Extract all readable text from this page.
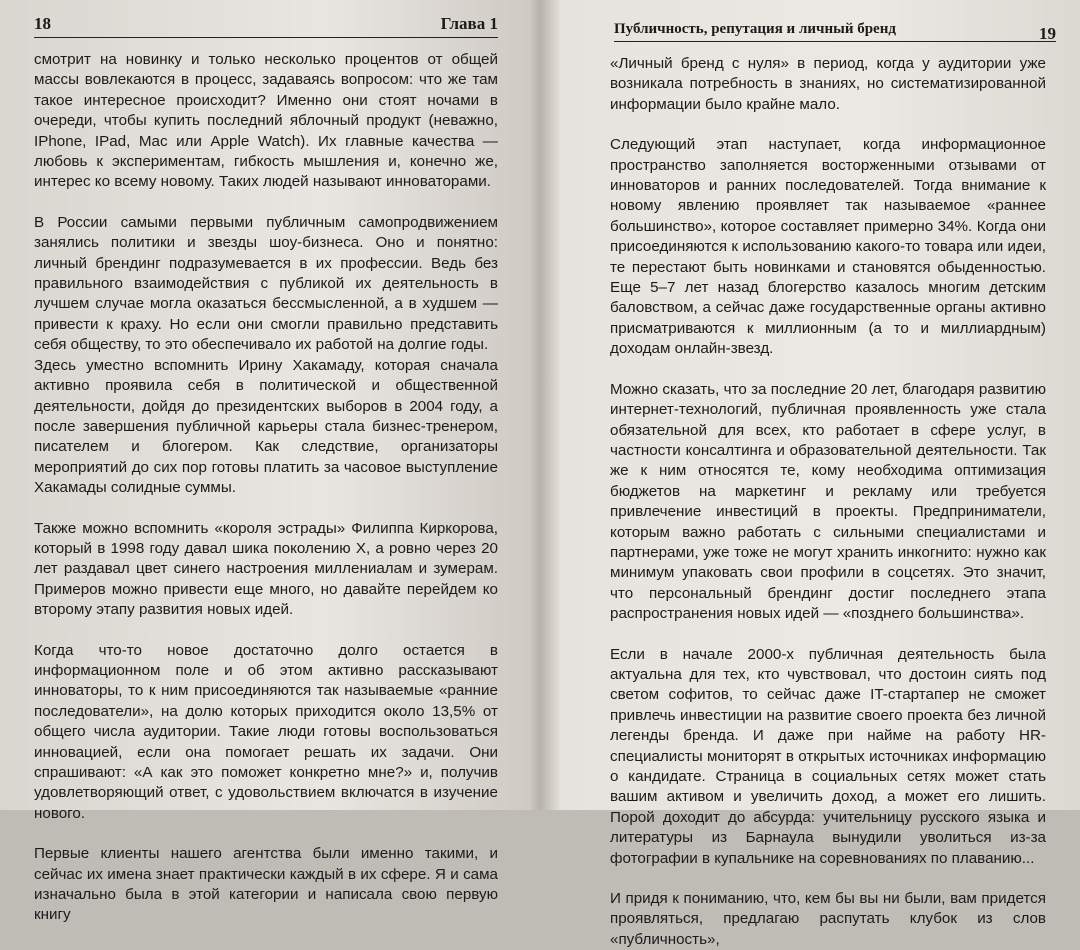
18	Глава 1

смотрит на новинку и только несколько процентов от общей массы вовлекаются в процесс, задаваясь вопросом: что же там такое интересное происходит? Именно они стоят ночами в очереди, чтобы купить последний яблочный продукт (неважно, IPhone, IPad, Mac или Apple Watch). Их главные качества — любовь к экспериментам, гибкость мышления и, конечно же, интерес ко всему новому. Таких людей называют инноваторами.

В России самыми первыми публичным самопродвижением занялись политики и звезды шоу-бизнеса. Оно и понятно: личный брендинг подразумевается в их профессии. Ведь без правильного взаимодействия с публикой их деятельность в лучшем случае могла оказаться бессмысленной, а в худшем — привести к краху. Но если они смогли правильно представить себя обществу, то это обеспечивало их работой на долгие годы.

Здесь уместно вспомнить Ирину Хакамаду, которая сначала активно проявила себя в политической и общественной деятельности, дойдя до президентских выборов в 2004 году, а после завершения публичной карьеры стала бизнес-тренером, писателем и блогером. Как следствие, организаторы мероприятий до сих пор готовы платить за часовое выступление Хакамады солидные суммы.

Также можно вспомнить «короля эстрады» Филиппа Киркорова, который в 1998 году давал шика поколению X, а ровно через 20 лет раздавал цвет синего настроения миллениалам и зумерам. Примеров можно привести еще много, но давайте перейдем ко второму этапу развития новых идей.

Когда что-то новое достаточно долго остается в информационном поле и об этом активно рассказывают инноваторы, то к ним присоединяются так называемые «ранние последователи», на долю которых приходится около 13,5% от общего числа аудитории. Такие люди готовы воспользоваться инновацией, если она помогает решать их задачи. Они спрашивают: «А как это поможет конкретно мне?» и, получив удовлетворяющий ответ, с удовольствием включатся в изучение нового.

Первые клиенты нашего агентства были именно такими, и сейчас их имена знает практически каждый в их сфере. Я и сама изначально была в этой категории и написала свою первую книгу

Публичность, репутация и личный бренд	19

«Личный бренд с нуля» в период, когда у аудитории уже возникала потребность в знаниях, но систематизированной информации было крайне мало.

Следующий этап наступает, когда информационное пространство заполняется восторженными отзывами от инноваторов и ранних последователей. Тогда внимание к новому явлению проявляет так называемое «раннее большинство», которое составляет примерно 34%. Когда они присоединяются к использованию какого-то товара или идеи, те перестают быть новинками и становятся обыденностью. Еще 5–7 лет назад блогерство казалось многим детским баловством, а сейчас даже государственные органы активно присматриваются к миллионным (а то и миллиардным) доходам онлайн-звезд.

Можно сказать, что за последние 20 лет, благодаря развитию интернет-технологий, публичная проявленность уже стала обязательной для всех, кто работает в сфере услуг, в частности консалтинга и образовательной деятельности. Так же к ним относятся те, кому необходима оптимизация бюджетов на маркетинг и рекламу или требуется привлечение инвестиций в проекты. Предприниматели, которым важно работать с сильными специалистами и партнерами, уже тоже не могут хранить инкогнито: нужно как минимум упаковать свои профили в соцсетях. Это значит, что персональный брендинг достиг последнего этапа распространения новых идей — «позднего большинства».

Если в начале 2000-х публичная деятельность была актуальна для тех, кто чувствовал, что достоин сиять под светом софитов, то сейчас даже IT-стартапер не сможет привлечь инвестиции на развитие своего проекта без личной легенды бренда. И даже при найме на работу HR-специалисты мониторят в открытых источниках информацию о кандидате. Страница в социальных сетях может стать вашим активом и увеличить доход, а может его лишить. Порой доходит до абсурда: учительницу русского языка и литературы из Барнаула вынудили уволиться из-за фотографии в купальнике на соревнованиях по плаванию...

И придя к пониманию, что, кем бы вы ни были, вам придется проявляться, предлагаю распутать клубок из слов «публичность»,
